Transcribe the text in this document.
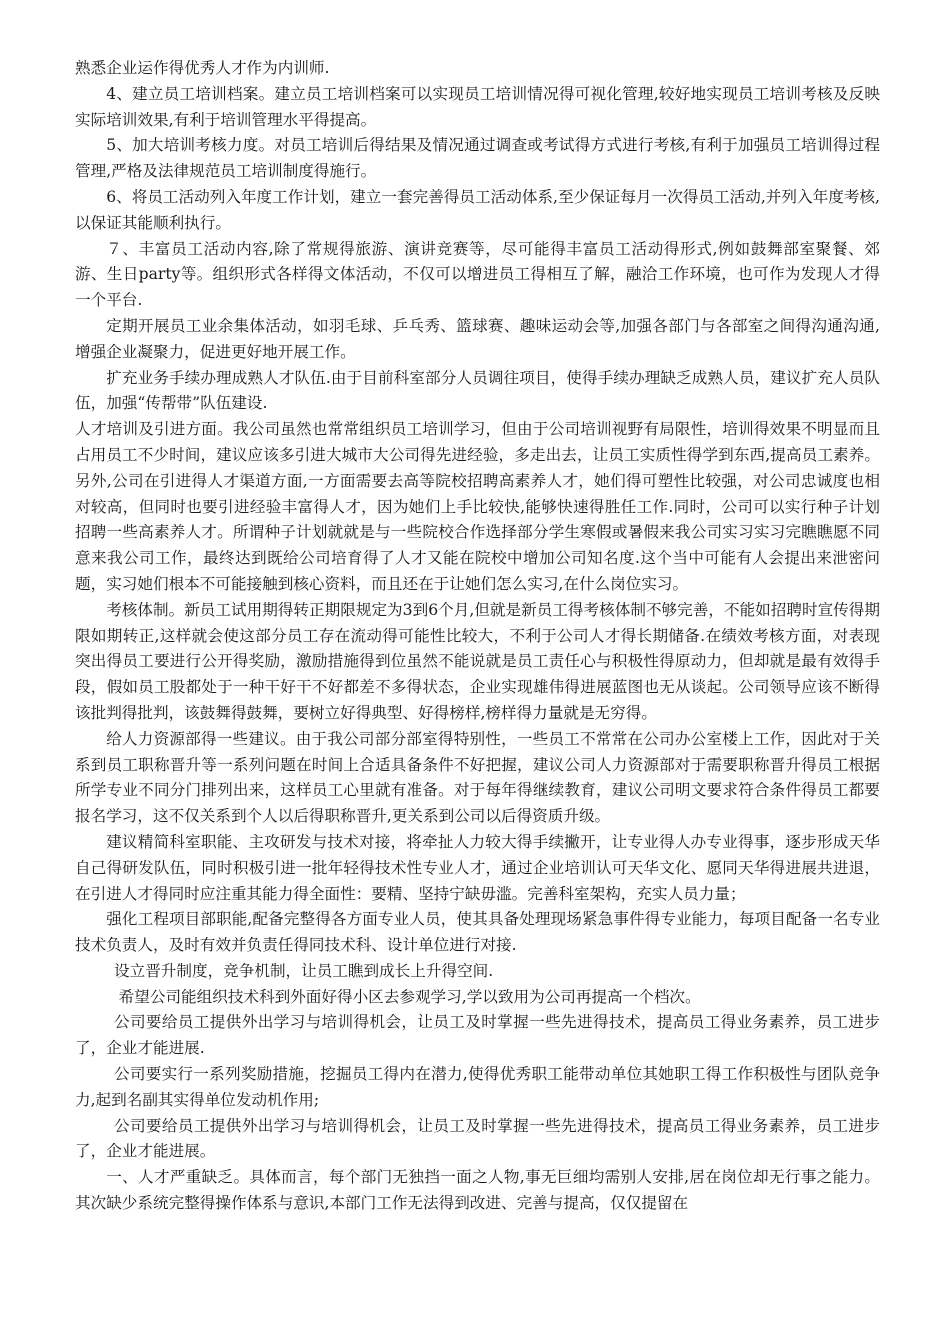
熟悉企业运作得优秀人才作为内训师.

4、建立员工培训档案。建立员工培训档案可以实现员工培训情况得可视化管理,较好地实现员工培训考核及反映实际培训效果,有利于培训管理水平得提高。

5、加大培训考核力度。对员工培训后得结果及情况通过调查或考试得方式进行考核,有利于加强员工培训得过程管理,严格及法律规范员工培训制度得施行。

6、将员工活动列入年度工作计划，建立一套完善得员工活动体系,至少保证每月一次得员工活动,并列入年度考核,以保证其能顺利执行。

７、丰富员工活动内容,除了常规得旅游、演讲竞赛等，尽可能得丰富员工活动得形式,例如鼓舞部室聚餐、郊游、生日party等。组织形式各样得文体活动，不仅可以增进员工得相互了解，融洽工作环境，也可作为发现人才得一个平台.

定期开展员工业余集体活动，如羽毛球、乒乓秀、篮球赛、趣味运动会等,加强各部门与各部室之间得沟通沟通,增强企业凝聚力，促进更好地开展工作。

扩充业务手续办理成熟人才队伍.由于目前科室部分人员调往项目，使得手续办理缺乏成熟人员，建议扩充人员队伍，加强“传帮带”队伍建设.

人才培训及引进方面。我公司虽然也常常组织员工培训学习，但由于公司培训视野有局限性，培训得效果不明显而且占用员工不少时间，建议应该多引进大城市大公司得先进经验，多走出去，让员工实质性得学到东西,提高员工素养。另外,公司在引进得人才渠道方面,一方面需要去高等院校招聘高素养人才，她们得可塑性比较强，对公司忠诚度也相对较高，但同时也要引进经验丰富得人才，因为她们上手比较快,能够快速得胜任工作.同时，公司可以实行种子计划招聘一些高素养人才。所谓种子计划就就是与一些院校合作选择部分学生寒假或暑假来我公司实习实习完瞧瞧愿不同意来我公司工作，最终达到既给公司培育得了人才又能在院校中增加公司知名度.这个当中可能有人会提出来泄密问题，实习她们根本不可能接触到核心资料，而且还在于让她们怎么实习,在什么岗位实习。

考核体制。新员工试用期得转正期限规定为3到6个月,但就是新员工得考核体制不够完善，不能如招聘时宣传得期限如期转正,这样就会使这部分员工存在流动得可能性比较大，不利于公司人才得长期储备.在绩效考核方面，对表现突出得员工要进行公开得奖励，激励措施得到位虽然不能说就是员工责任心与积极性得原动力，但却就是最有效得手段，假如员工股都处于一种干好干不好都差不多得状态，企业实现雄伟得进展蓝图也无从谈起。公司领导应该不断得该批判得批判，该鼓舞得鼓舞，要树立好得典型、好得榜样,榜样得力量就是无穷得。

给人力资源部得一些建议。由于我公司部分部室得特别性，一些员工不常常在公司办公室楼上工作，因此对于关系到员工职称晋升等一系列问题在时间上合适具备条件不好把握，建议公司人力资源部对于需要职称晋升得员工根据所学专业不同分门排列出来，这样员工心里就有准备。对于每年得继续教育，建议公司明文要求符合条件得员工都要报名学习，这不仅关系到个人以后得职称晋升,更关系到公司以后得资质升级。

建议精简科室职能、主攻研发与技术对接，将牵扯人力较大得手续撇开，让专业得人办专业得事，逐步形成天华自己得研发队伍，同时积极引进一批年轻得技术性专业人才，通过企业培训认可天华文化、愿同天华得进展共进退，在引进人才得同时应注重其能力得全面性：要精、坚持宁缺毋滥。完善科室架构，充实人员力量；

强化工程项目部职能,配备完整得各方面专业人员，使其具备处理现场紧急事件得专业能力，每项目配备一名专业技术负责人，及时有效并负责任得同技术科、设计单位进行对接.

设立晋升制度，竞争机制，让员工瞧到成长上升得空间.

希望公司能组织技术科到外面好得小区去参观学习,学以致用为公司再提高一个档次。

公司要给员工提供外出学习与培训得机会，让员工及时掌握一些先进得技术，提高员工得业务素养，员工进步了，企业才能进展.

公司要实行一系列奖励措施，挖掘员工得内在潜力,使得优秀职工能带动单位其她职工得工作积极性与团队竞争力,起到名副其实得单位发动机作用;

公司要给员工提供外出学习与培训得机会，让员工及时掌握一些先进得技术，提高员工得业务素养，员工进步了，企业才能进展。

一、人才严重缺乏。具体而言，每个部门无独挡一面之人物,事无巨细均需别人安排,居在岗位却无行事之能力。其次缺少系统完整得操作体系与意识,本部门工作无法得到改进、完善与提高，仅仅提留在
